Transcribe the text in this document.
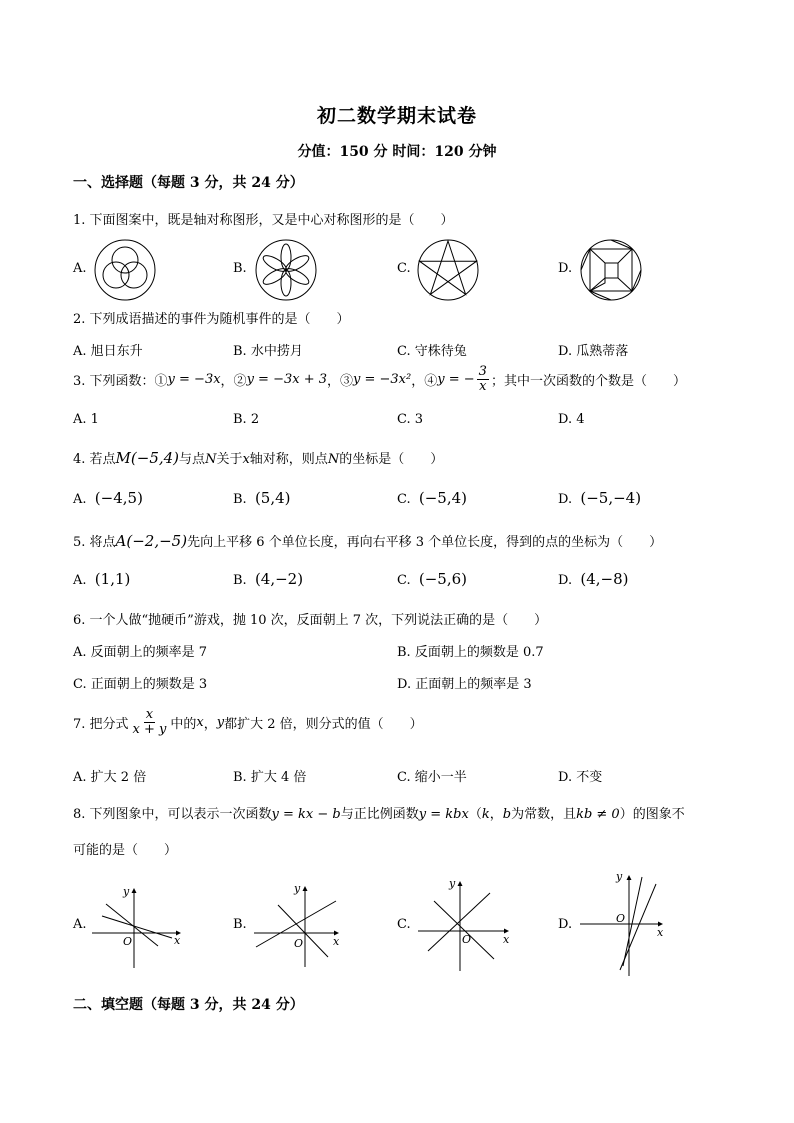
初二数学期末试卷
分值：150 分 时间：120 分钟
一、选择题（每题 3 分，共 24 分）
1. 下面图案中，既是轴对称图形，又是中心对称图形的是（　　）
A.	B.	C.	D.
2. 下列成语描述的事件为随机事件的是（　　）
A. 旭日东升	B. 水中捞月	C. 守株待兔	D. 瓜熟蒂落
3. 下列函数：① y = −3x ，② y = −3x + 3 ，③ y = −3x² ，④ y = − $\frac{3}{x}$ ；其中一次函数的个数是（　　）
A. 1	B. 2	C. 3	D. 4
4. 若点M(−5,4)与点N关于x轴对称，则点N的坐标是（　　）
A. (−4,5)	B. (5,4)	C. (−5,4)	D. (−5,−4)
5. 将点A(−2,−5)先向上平移 6 个单位长度，再向右平移 3 个单位长度，得到的点的坐标为（　　）
A. (1,1)	B. (4,−2)	C. (−5,6)	D. (4,−8)
6. 一个人做“抛硬币”游戏，抛 10 次，反面朝上 7 次，下列说法正确的是（　　）
A. 反面朝上的频率是 7	B. 反面朝上的频数是 0.7
C. 正面朝上的频数是 3	D. 正面朝上的频率是 3
7. 把分式 $\frac{x}{x + y}$ 中的 x ， y 都扩大 2 倍，则分式的值（　　）
A. 扩大 2 倍	B. 扩大 4 倍	C. 缩小一半	D. 不变
8. 下列图象中，可以表示一次函数y = kx − b与正比例函数y = kbx（k，b为常数，且kb ≠ 0）的图象不
可能的是（　　）
A.
y
O	x
B.
y
O	x
C.
y
O	x
D.
y
O
x
二、填空题（每题 3 分，共 24 分）
